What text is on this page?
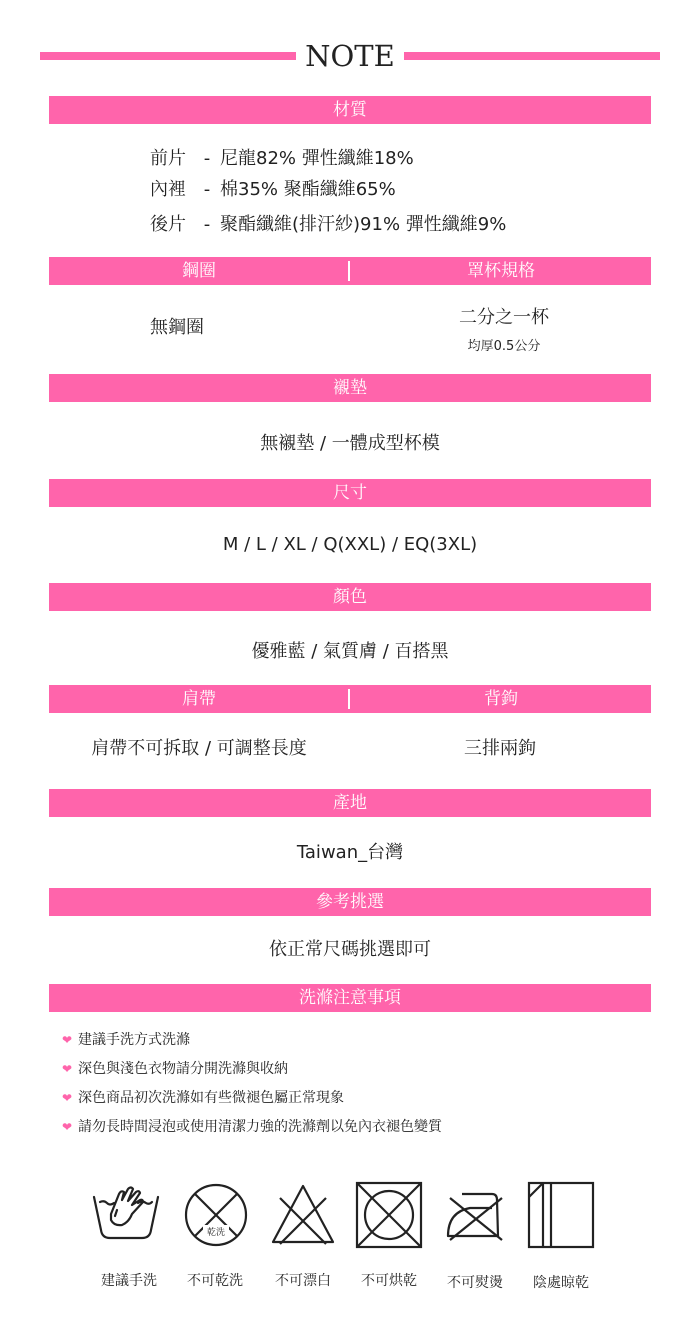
NOTE
材質
前片 - 尼龍82% 彈性纖維18%
內裡 - 棉35% 聚酯纖維65%
後片 - 聚酯纖維(排汗紗)91% 彈性纖維9%
鋼圈	罩杯規格
無鋼圈	二分之一杯
均厚0.5公分
襯墊
無襯墊 / 一體成型杯模
尺寸
M / L / XL / Q(XXL) / EQ(3XL)
顏色
優雅藍 / 氣質膚 / 百搭黑
肩帶	背鉤
肩帶不可拆取 / 可調整長度	三排兩鉤
產地
Taiwan_台灣
參考挑選
依正常尺碼挑選即可
洗滌注意事項
❤ 建議手洗方式洗滌
❤ 深色與淺色衣物請分開洗滌與收納
❤ 深色商品初次洗滌如有些微褪色屬正常現象
❤ 請勿長時間浸泡或使用清潔力強的洗滌劑以免內衣褪色變質
乾洗
建議手洗	不可乾洗	不可漂白	不可烘乾	不可熨燙	陰處晾乾
